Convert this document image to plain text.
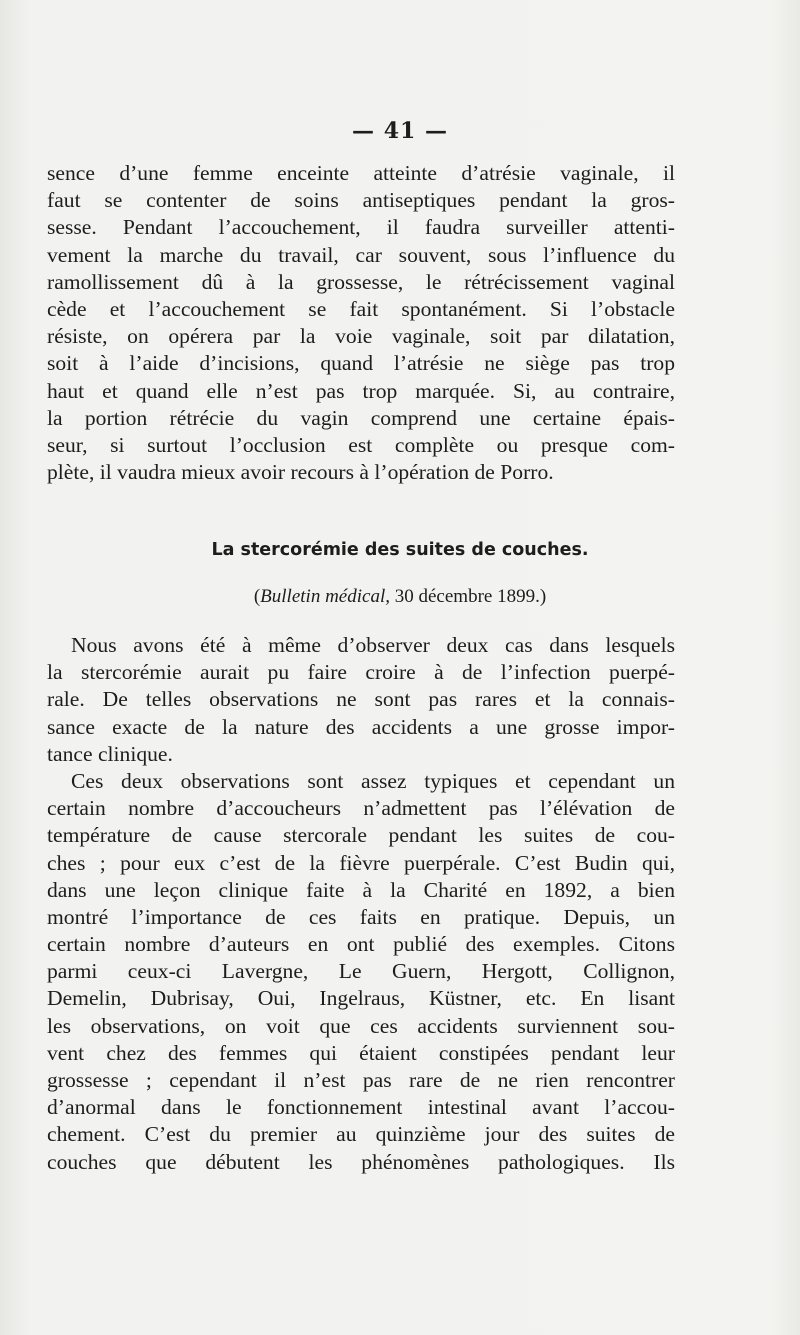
— 41 —
sence d’une femme enceinte atteinte d’atrésie vaginale, il
faut se contenter de soins antiseptiques pendant la gros-
sesse. Pendant l’accouchement, il faudra surveiller attenti-
vement la marche du travail, car souvent, sous l’influence du
ramollissement dû à la grossesse, le rétrécissement vaginal
cède et l’accouchement se fait spontanément. Si l’obstacle
résiste, on opérera par la voie vaginale, soit par dilatation,
soit à l’aide d’incisions, quand l’atrésie ne siège pas trop
haut et quand elle n’est pas trop marquée. Si, au contraire,
la portion rétrécie du vagin comprend une certaine épais-
seur, si surtout l’occlusion est complète ou presque com-
plète, il vaudra mieux avoir recours à l’opération de Porro.
La stercorémie des suites de couches.
(Bulletin médical, 30 décembre 1899.)
Nous avons été à même d’observer deux cas dans lesquels
la stercorémie aurait pu faire croire à de l’infection puerpé-
rale. De telles observations ne sont pas rares et la connais-
sance exacte de la nature des accidents a une grosse impor-
tance clinique.
Ces deux observations sont assez typiques et cependant un
certain nombre d’accoucheurs n’admettent pas l’élévation de
température de cause stercorale pendant les suites de cou-
ches ; pour eux c’est de la fièvre puerpérale. C’est Budin qui,
dans une leçon clinique faite à la Charité en 1892, a bien
montré l’importance de ces faits en pratique. Depuis, un
certain nombre d’auteurs en ont publié des exemples. Citons
parmi ceux-ci Lavergne, Le Guern, Hergott, Collignon,
Demelin, Dubrisay, Oui, Ingelraus, Küstner, etc. En lisant
les observations, on voit que ces accidents surviennent sou-
vent chez des femmes qui étaient constipées pendant leur
grossesse ; cependant il n’est pas rare de ne rien rencontrer
d’anormal dans le fonctionnement intestinal avant l’accou-
chement. C’est du premier au quinzième jour des suites de
couches que débutent les phénomènes pathologiques. Ils
